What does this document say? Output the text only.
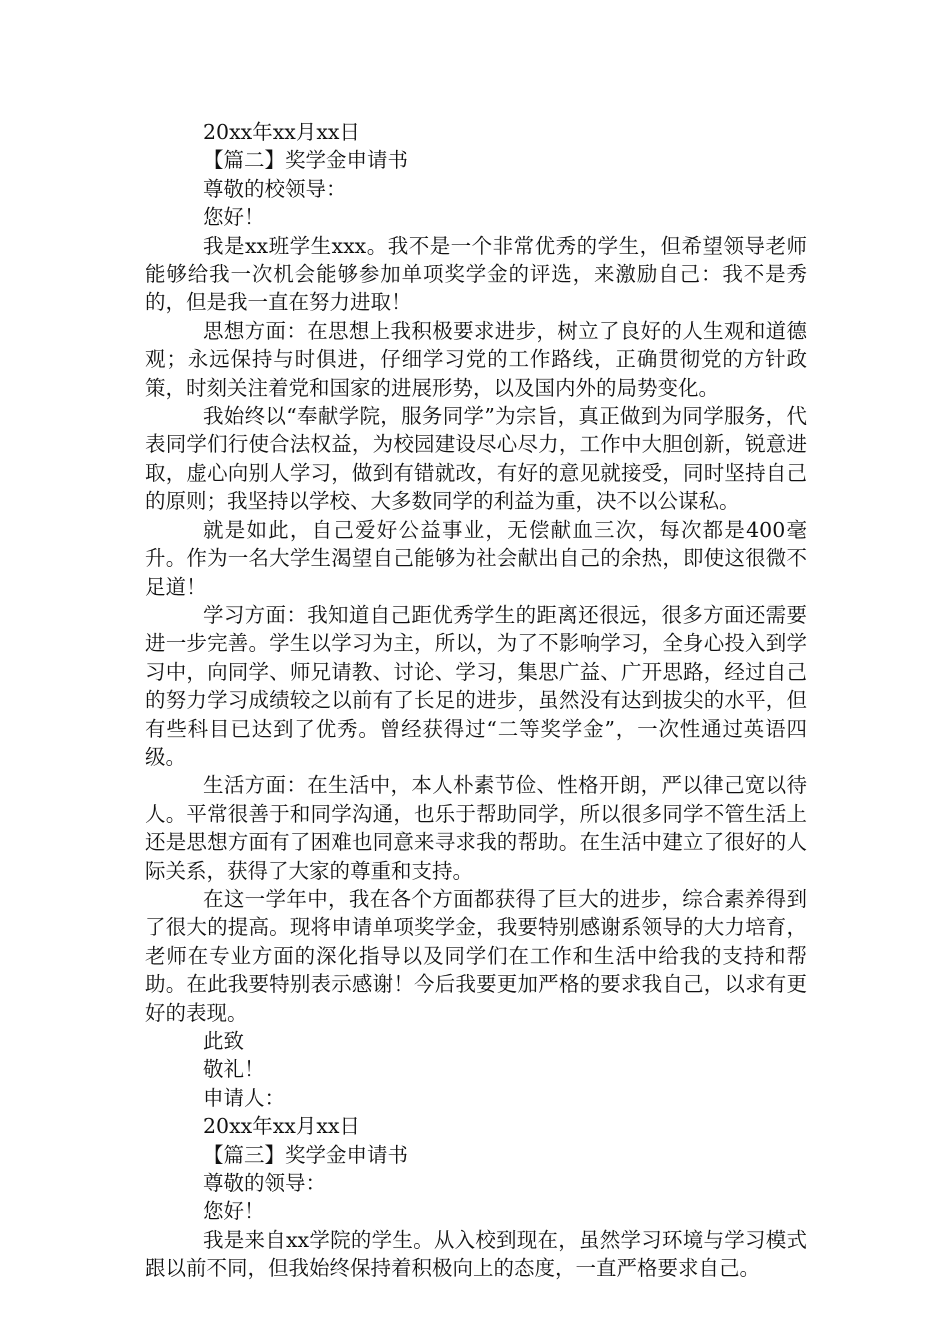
20xx年xx月xx日

【篇二】奖学金申请书

尊敬的校领导：

您好！

我是xx班学生xxx。我不是一个非常优秀的学生，但希望领导老师能够给我一次机会能够参加单项奖学金的评选，来激励自己：我不是秀的，但是我一直在努力进取！

思想方面：在思想上我积极要求进步，树立了良好的人生观和道德观；永远保持与时俱进，仔细学习党的工作路线，正确贯彻党的方针政策，时刻关注着党和国家的进展形势，以及国内外的局势变化。

我始终以“奉献学院，服务同学”为宗旨，真正做到为同学服务，代表同学们行使合法权益，为校园建设尽心尽力，工作中大胆创新，锐意进取，虚心向别人学习，做到有错就改，有好的意见就接受，同时坚持自己的原则；我坚持以学校、大多数同学的利益为重，决不以公谋私。

就是如此，自己爱好公益事业，无偿献血三次，每次都是400毫升。作为一名大学生渴望自己能够为社会献出自己的余热，即使这很微不足道！

学习方面：我知道自己距优秀学生的距离还很远，很多方面还需要进一步完善。学生以学习为主，所以，为了不影响学习，全身心投入到学习中，向同学、师兄请教、讨论、学习，集思广益、广开思路，经过自己的努力学习成绩较之以前有了长足的进步，虽然没有达到拔尖的水平，但有些科目已达到了优秀。曾经获得过“二等奖学金”，一次性通过英语四级。

生活方面：在生活中，本人朴素节俭、性格开朗，严以律己宽以待人。平常很善于和同学沟通，也乐于帮助同学，所以很多同学不管生活上还是思想方面有了困难也同意来寻求我的帮助。在生活中建立了很好的人际关系，获得了大家的尊重和支持。

在这一学年中，我在各个方面都获得了巨大的进步，综合素养得到了很大的提高。现将申请单项奖学金，我要特别感谢系领导的大力培育，老师在专业方面的深化指导以及同学们在工作和生活中给我的支持和帮助。在此我要特别表示感谢！今后我要更加严格的要求我自己，以求有更好的表现。

此致

敬礼！

申请人：

20xx年xx月xx日

【篇三】奖学金申请书

尊敬的领导：

您好！

我是来自xx学院的学生。从入校到现在，虽然学习环境与学习模式跟以前不同，但我始终保持着积极向上的态度，一直严格要求自己。
